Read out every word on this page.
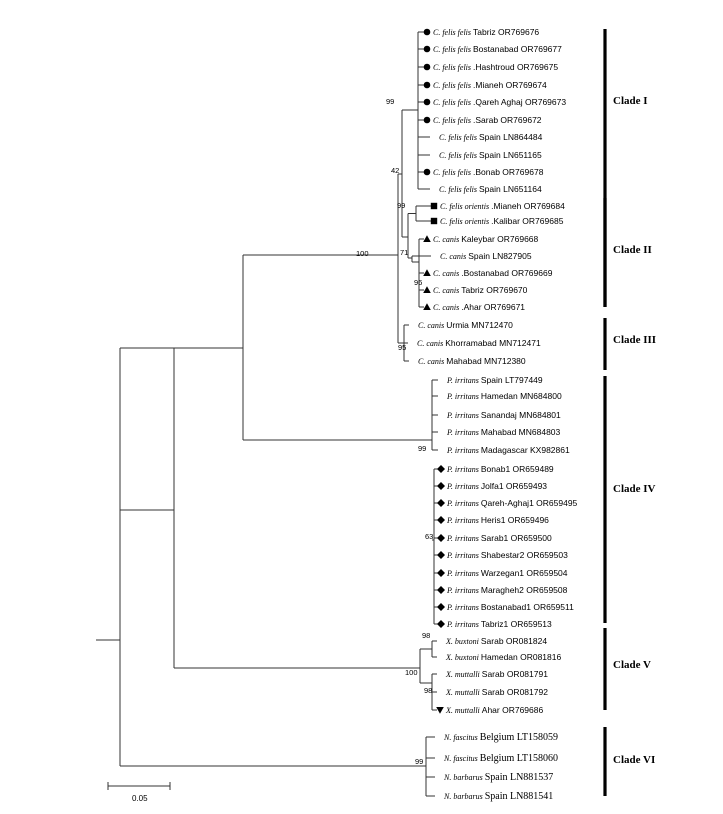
C. felis felis Tabriz OR769676
C. felis felis Bostanabad OR769677
C. felis felis .Hashtroud OR769675
C. felis felis .Mianeh OR769674
C. felis felis .Qareh Aghaj OR769673
C. felis felis .Sarab OR769672
C. felis felis Spain LN864484
C. felis felis Spain LN651165
C. felis felis .Bonab OR769678
C. felis felis Spain LN651164
C. felis orientis .Mianeh OR769684
C. felis orientis .Kalibar OR769685
C. canis Kaleybar OR769668
C. canis Spain LN827905
C. canis .Bostanabad OR769669
C. canis Tabriz OR769670
C. canis .Ahar OR769671
C. canis Urmia MN712470
C. canis Khorramabad MN712471
C. canis Mahabad MN712380
P. irritans Spain LT797449
P. irritans Hamedan MN684800
P. irritans Sanandaj MN684801
P. irritans Mahabad MN684803
P. irritans Madagascar KX982861
P. irritans Bonab1 OR659489
P. irritans Jolfa1 OR659493
P. irritans Qareh-Aghaj1 OR659495
P. irritans Heris1 OR659496
P. irritans Sarab1 OR659500
P. irritans Shabestar2 OR659503
P. irritans Warzegan1 OR659504
P. irritans Maragheh2 OR659508
P. irritans Bostanabad1 OR659511
P. irritans Tabriz1 OR659513
X. buxtoni Sarab OR081824
X. buxtoni Hamedan OR081816
X. muttalli Sarab OR081791
X. muttalli Sarab OR081792
X. muttalli Ahar OR769686
N. fascitus Belgium LT158059
N. fascitus Belgium LT158060
N. barbarus Spain LN881537
N. barbarus Spain LN881541
99
42
99
71
96
100
95
99
63
98
100
98
99
Clade I
Clade II
Clade III
Clade IV
Clade V
Clade VI
0.05
